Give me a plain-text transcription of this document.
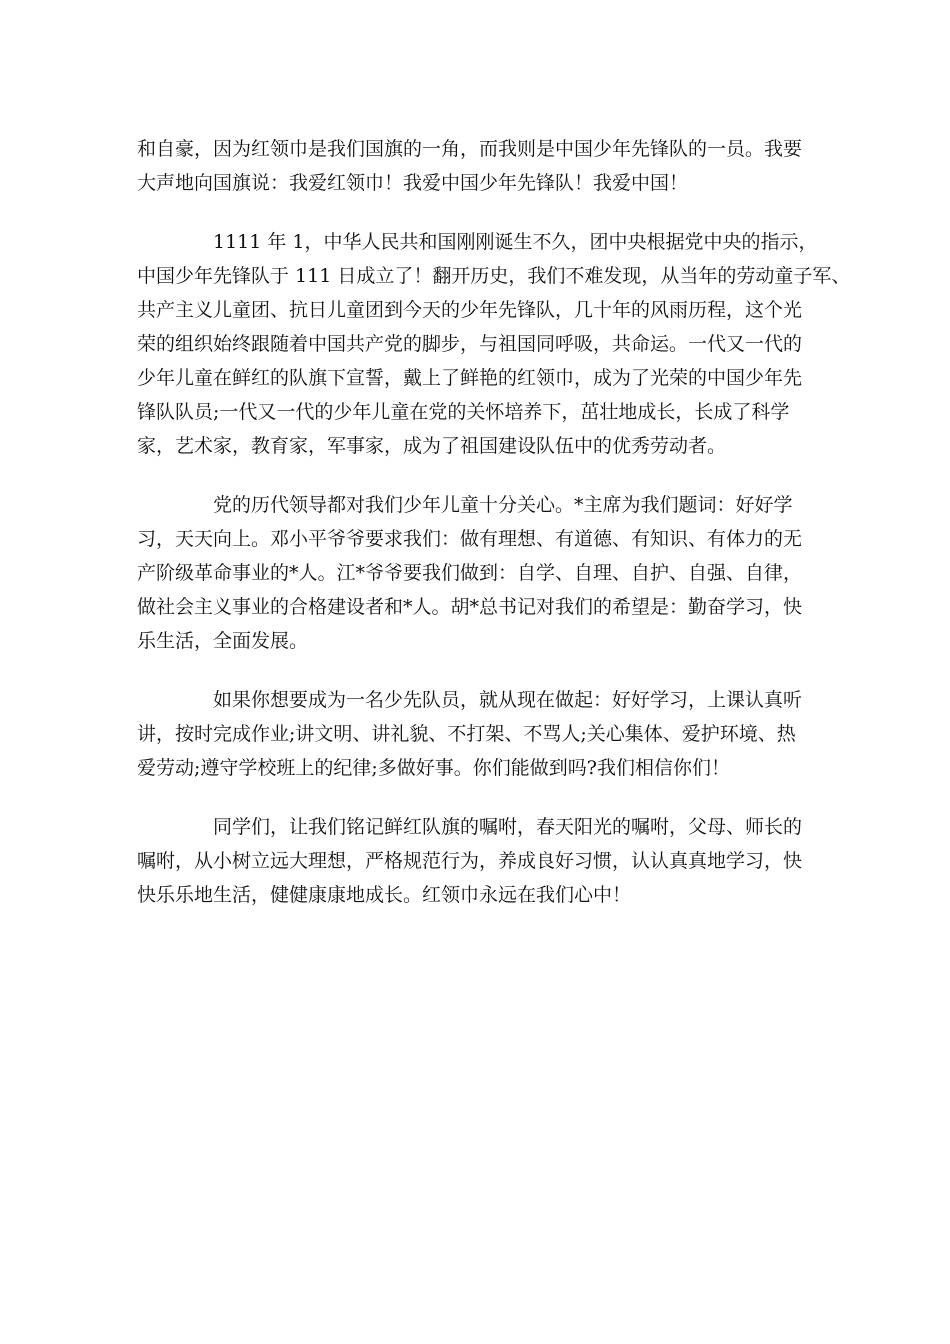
和自豪，因为红领巾是我们国旗的一角，而我则是中国少年先锋队的一员。我要
大声地向国旗说：我爱红领巾！我爱中国少年先锋队！我爱中国！
1111 年 1，中华人民共和国刚刚诞生不久，团中央根据党中央的指示，
中国少年先锋队于 111 日成立了！翻开历史，我们不难发现，从当年的劳动童子军、
共产主义儿童团、抗日儿童团到今天的少年先锋队，几十年的风雨历程，这个光
荣的组织始终跟随着中国共产党的脚步，与祖国同呼吸，共命运。一代又一代的
少年儿童在鲜红的队旗下宣誓，戴上了鲜艳的红领巾，成为了光荣的中国少年先
锋队队员;一代又一代的少年儿童在党的关怀培养下，茁壮地成长，长成了科学
家，艺术家，教育家，军事家，成为了祖国建设队伍中的优秀劳动者。
党的历代领导都对我们少年儿童十分关心。*主席为我们题词：好好学
习，天天向上。邓小平爷爷要求我们：做有理想、有道德、有知识、有体力的无
产阶级革命事业的*人。江*爷爷要我们做到：自学、自理、自护、自强、自律，
做社会主义事业的合格建设者和*人。胡*总书记对我们的希望是：勤奋学习，快
乐生活，全面发展。
如果你想要成为一名少先队员，就从现在做起：好好学习，上课认真听
讲，按时完成作业;讲文明、讲礼貌、不打架、不骂人;关心集体、爱护环境、热
爱劳动;遵守学校班上的纪律;多做好事。你们能做到吗?我们相信你们！
同学们，让我们铭记鲜红队旗的嘱咐，春天阳光的嘱咐，父母、师长的
嘱咐，从小树立远大理想，严格规范行为，养成良好习惯，认认真真地学习，快
快乐乐地生活，健健康康地成长。红领巾永远在我们心中！
